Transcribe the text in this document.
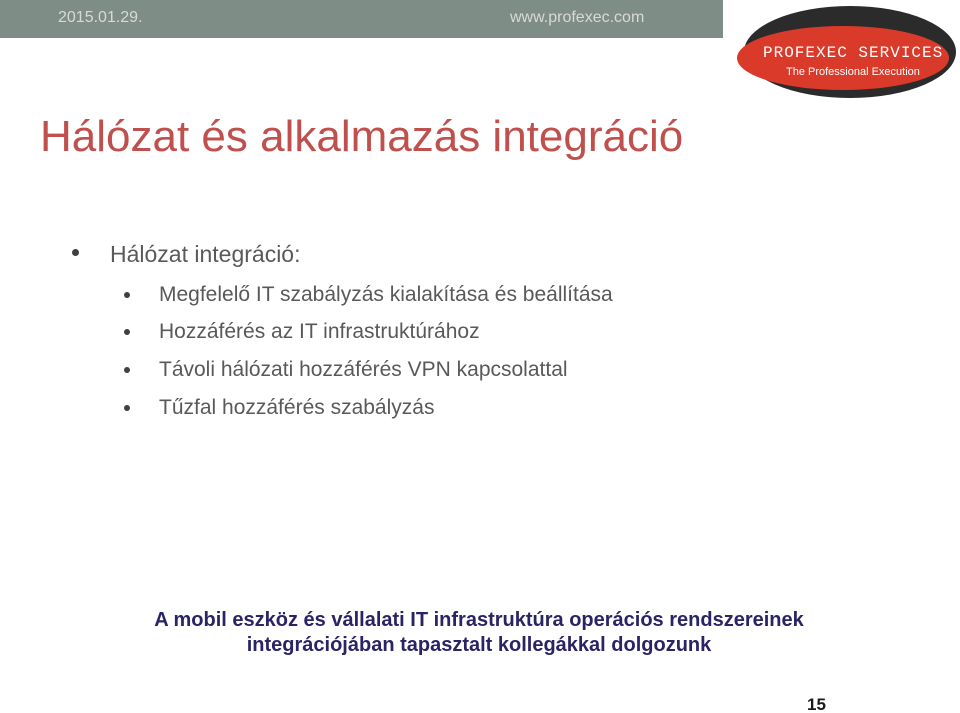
2015.01.29.	www.profexec.com
PROFEXEC SERVICES
The Professional Execution
Hálózat és alkalmazás integráció
Hálózat integráció:
Megfelelő IT szabályzás kialakítása és beállítása
Hozzáférés az IT infrastruktúrához
Távoli hálózati hozzáférés VPN kapcsolattal
Tűzfal hozzáférés szabályzás
A mobil eszköz és vállalati IT infrastruktúra operációs rendszereinek
integrációjában tapasztalt kollegákkal dolgozunk
15
